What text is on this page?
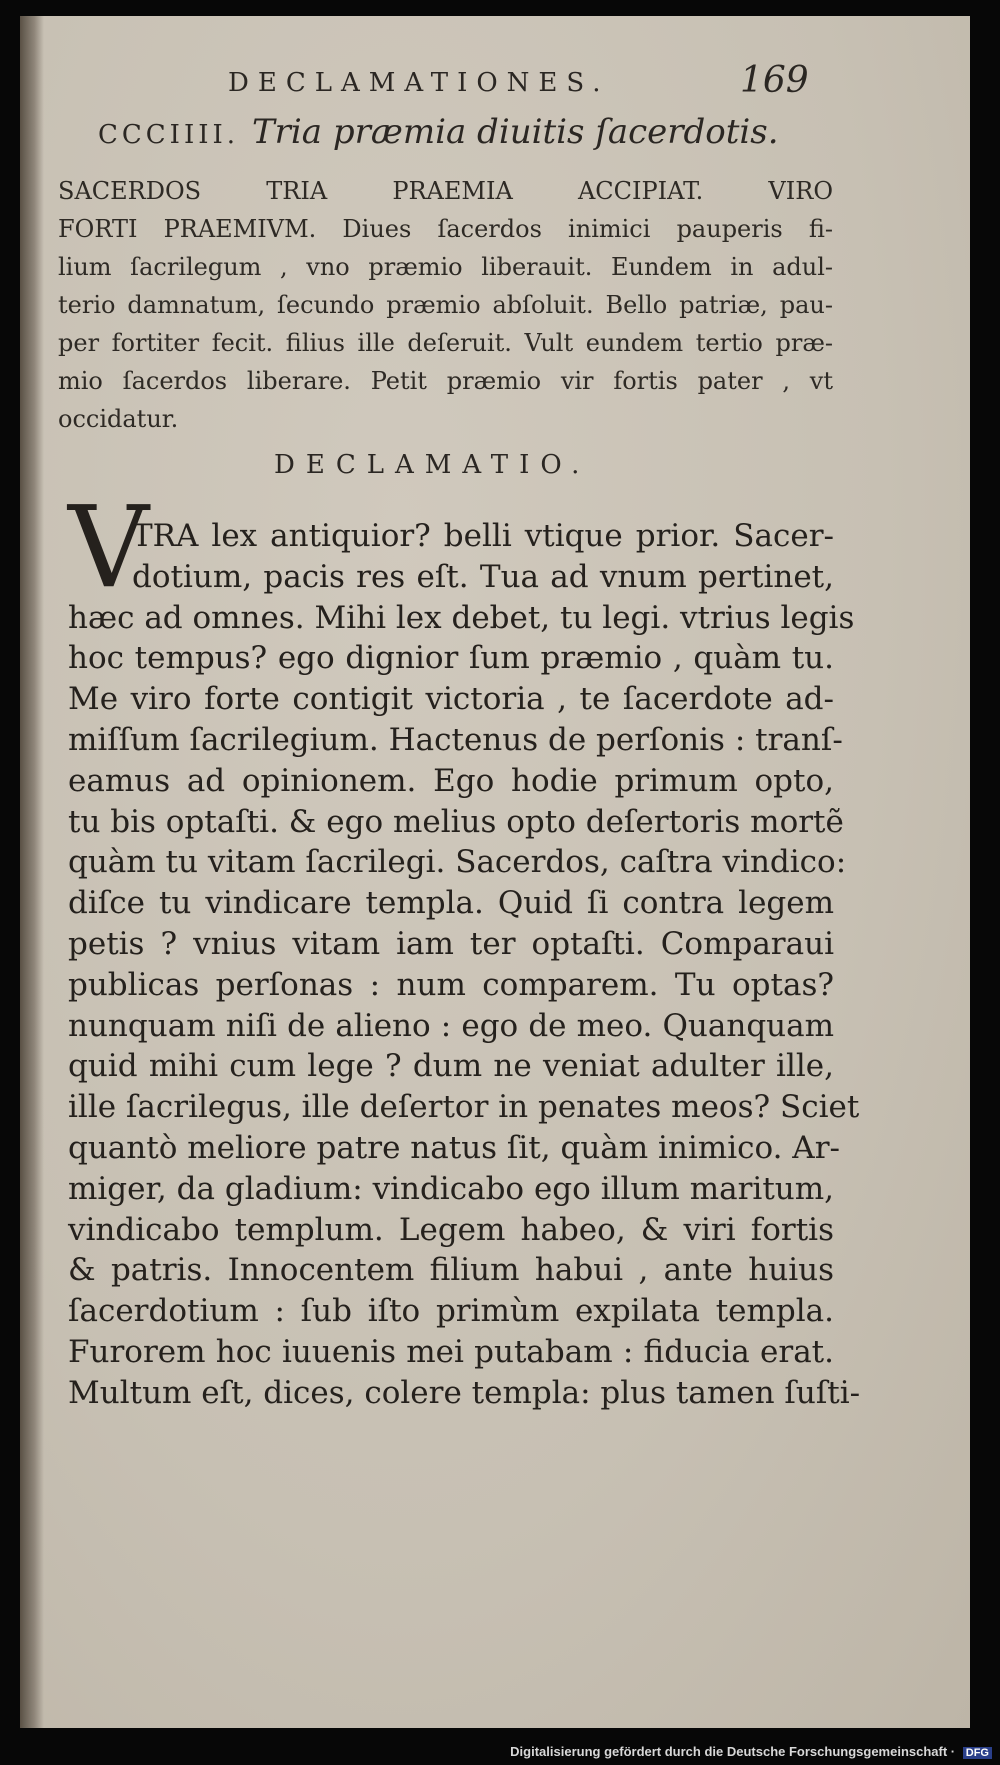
DECLAMATIONES.	169
CCCIIII. Tria præmia diuitis ſacerdotis.
SACERDOS TRIA PRAEMIA ACCIPIAT. VIRO
FORTI PRAEMIVM. Diues ſacerdos inimici pauperis fi-
lium ſacrilegum , vno præmio liberauit. Eundem in adul-
terio damnatum, ſecundo præmio abſoluit. Bello patriæ, pau-
per fortiter fecit. filius ille deſeruit. Vult eundem tertio præ-
mio ſacerdos liberare. Petit præmio vir fortis pater , vt
occidatur.
DECLAMATIO.
V
TRA lex antiquior? belli vtique prior. Sacer-
dotium, pacis res eſt. Tua ad vnum pertinet,
hæc ad omnes. Mihi lex debet, tu legi. vtrius legis
hoc tempus? ego dignior ſum præmio , quàm tu.
Me viro forte contigit victoria , te ſacerdote ad-
miſſum ſacrilegium. Hactenus de perſonis : tranſ-
eamus ad opinionem. Ego hodie primum opto,
tu bis optaſti. & ego melius opto deſertoris mortẽ
quàm tu vitam ſacrilegi. Sacerdos, caſtra vindico:
diſce tu vindicare templa. Quid ſi contra legem
petis ? vnius vitam iam ter optaſti. Comparaui
publicas perſonas : num comparem. Tu optas?
nunquam niſi de alieno : ego de meo. Quanquam
quid mihi cum lege ? dum ne veniat adulter ille,
ille ſacrilegus, ille deſertor in penates meos? Sciet
quantò meliore patre natus ſit, quàm inimico. Ar-
miger, da gladium: vindicabo ego illum maritum,
vindicabo templum. Legem habeo, & viri fortis
& patris. Innocentem filium habui , ante huius
ſacerdotium : ſub iſto primùm expilata templa.
Furorem hoc iuuenis mei putabam : fiducia erat.
Multum eſt, dices, colere templa: plus tamen ſuſti-
Digitalisierung gefördert durch die Deutsche Forschungsgemeinschaft · DFG
